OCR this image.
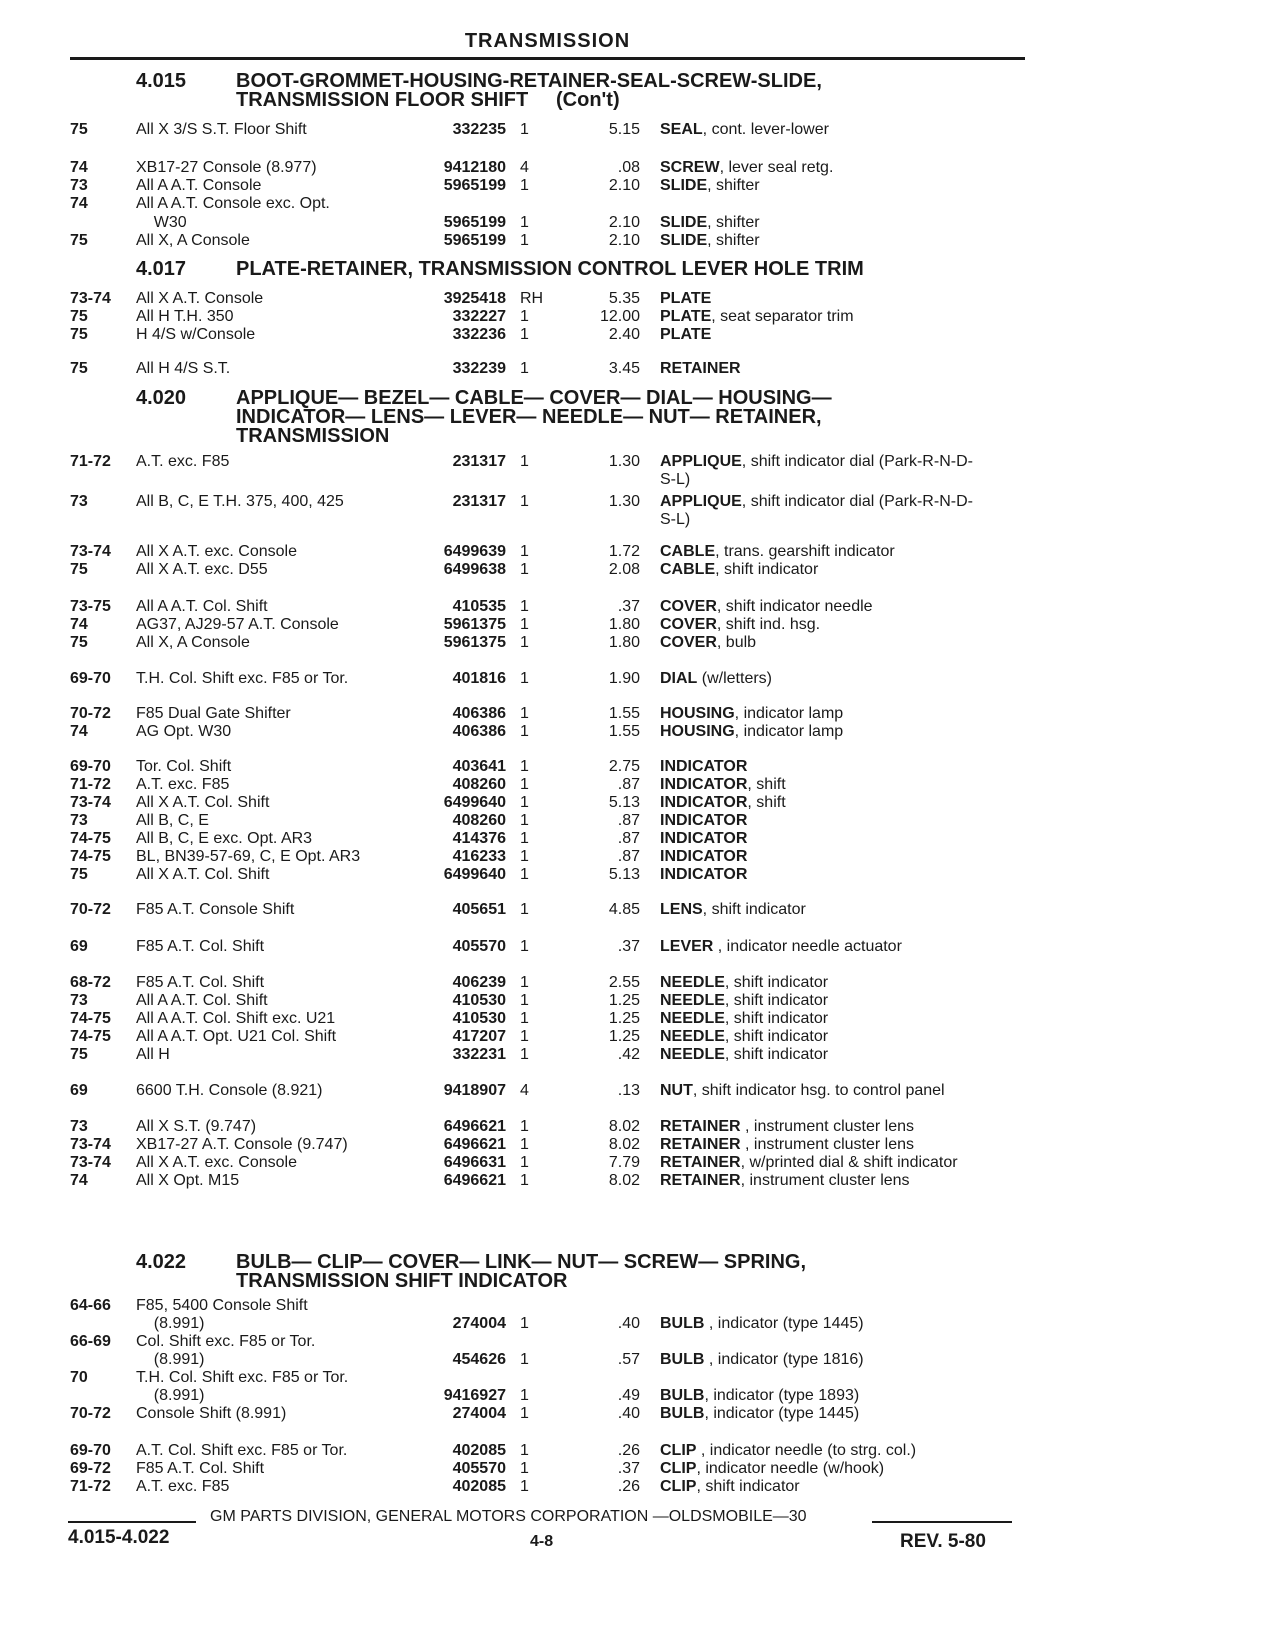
TRANSMISSION
4.015 BOOT-GROMMET-HOUSING-RETAINER-SEAL-SCREW-SLIDE,
TRANSMISSION FLOOR SHIFT     (Con't)
75	All X 3/S S.T. Floor Shift	332235 1	5.15 SEAL, cont. lever-lower
74	XB17-27 Console (8.977)	9412180 4	.08 SCREW, lever seal retg.
73	All A A.T. Console	5965199 1	2.10 SLIDE, shifter
74	All A A.T. Console exc. Opt.
W30	5965199 1	2.10 SLIDE, shifter
75	All X, A Console	5965199 1	2.10 SLIDE, shifter
4.017 PLATE-RETAINER, TRANSMISSION CONTROL LEVER HOLE TRIM
73-74	All X A.T. Console	3925418 RH	5.35 PLATE
75	All H T.H. 350	332227 1	12.00 PLATE, seat separator trim
75	H 4/S w/Console	332236 1	2.40 PLATE
75	All H 4/S S.T.	332239 1	3.45 RETAINER
4.020 APPLIQUE— BEZEL— CABLE— COVER— DIAL— HOUSING—
INDICATOR— LENS— LEVER— NEEDLE— NUT— RETAINER,
TRANSMISSION
71-72	A.T. exc. F85	231317 1	1.30 APPLIQUE, shift indicator dial (Park-R-N-D-
S-L)
73	All B, C, E T.H. 375, 400, 425	231317 1	1.30 APPLIQUE, shift indicator dial (Park-R-N-D-
S-L)
73-74	All X A.T. exc. Console	6499639 1	1.72 CABLE, trans. gearshift indicator
75	All X A.T. exc. D55	6499638 1	2.08 CABLE, shift indicator
73-75	All A A.T. Col. Shift	410535 1	.37 COVER, shift indicator needle
74	AG37, AJ29-57 A.T. Console	5961375 1	1.80 COVER, shift ind. hsg.
75	All X, A Console	5961375 1	1.80 COVER, bulb
69-70	T.H. Col. Shift exc. F85 or Tor.	401816 1	1.90 DIAL (w/letters)
70-72	F85 Dual Gate Shifter	406386 1	1.55 HOUSING, indicator lamp
74	AG Opt. W30	406386 1	1.55 HOUSING, indicator lamp
69-70	Tor. Col. Shift	403641 1	2.75 INDICATOR
71-72	A.T. exc. F85	408260 1	.87 INDICATOR, shift
73-74	All X A.T. Col. Shift	6499640 1	5.13 INDICATOR, shift
73	All B, C, E	408260 1	.87 INDICATOR
74-75	All B, C, E exc. Opt. AR3	414376 1	.87 INDICATOR
74-75	BL, BN39-57-69, C, E Opt. AR3	416233 1	.87 INDICATOR
75	All X A.T. Col. Shift	6499640 1	5.13 INDICATOR
70-72	F85 A.T. Console Shift	405651 1	4.85 LENS, shift indicator
69	F85 A.T. Col. Shift	405570 1	.37 LEVER , indicator needle actuator
68-72	F85 A.T. Col. Shift	406239 1	2.55 NEEDLE, shift indicator
73	All A A.T. Col. Shift	410530 1	1.25 NEEDLE, shift indicator
74-75	All A A.T. Col. Shift exc. U21	410530 1	1.25 NEEDLE, shift indicator
74-75	All A A.T. Opt. U21 Col. Shift	417207 1	1.25 NEEDLE, shift indicator
75	All H	332231 1	.42 NEEDLE, shift indicator
69	6600 T.H. Console (8.921)	9418907 4	.13 NUT, shift indicator hsg. to control panel
73	All X S.T. (9.747)	6496621 1	8.02 RETAINER , instrument cluster lens
73-74	XB17-27 A.T. Console (9.747)	6496621 1	8.02 RETAINER , instrument cluster lens
73-74	All X A.T. exc. Console	6496631 1	7.79 RETAINER, w/printed dial & shift indicator
74	All X Opt. M15	6496621 1	8.02 RETAINER, instrument cluster lens
4.022 BULB— CLIP— COVER— LINK— NUT— SCREW— SPRING,
TRANSMISSION SHIFT INDICATOR
64-66	F85, 5400 Console Shift
(8.991)	274004 1	.40 BULB , indicator (type 1445)
66-69	Col. Shift exc. F85 or Tor.
(8.991)	454626 1	.57 BULB , indicator (type 1816)
70	T.H. Col. Shift exc. F85 or Tor.
(8.991)	9416927 1	.49 BULB, indicator (type 1893)
70-72	Console Shift (8.991)	274004 1	.40 BULB, indicator (type 1445)
69-70	A.T. Col. Shift exc. F85 or Tor.	402085 1	.26 CLIP , indicator needle (to strg. col.)
69-72	F85 A.T. Col. Shift	405570 1	.37 CLIP, indicator needle (w/hook)
71-72	A.T. exc. F85	402085 1	.26 CLIP, shift indicator
GM PARTS DIVISION, GENERAL MOTORS CORPORATION —OLDSMOBILE—30
4.015-4.022	4-8	REV. 5-80
